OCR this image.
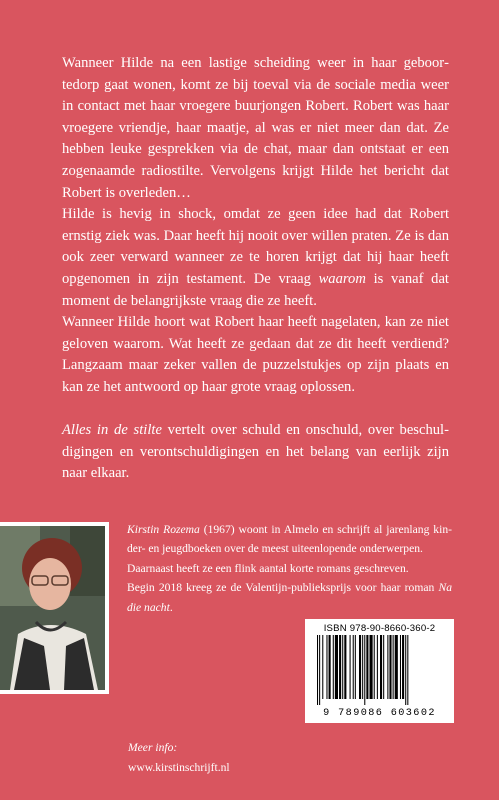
Wanneer Hilde na een lastige scheiding weer in haar geboortedorp gaat wonen, komt ze bij toeval via de sociale media weer in contact met haar vroegere buurjongen Robert. Robert was haar vroegere vriendje, haar maatje, al was er niet meer dan dat. Ze hebben leuke gesprekken via de chat, maar dan ontstaat er een zogenaamde radiostilte. Vervolgens krijgt Hilde het bericht dat Robert is overleden…

Hilde is hevig in shock, omdat ze geen idee had dat Robert ernstig ziek was. Daar heeft hij nooit over willen praten. Ze is dan ook zeer verward wanneer ze te horen krijgt dat hij haar heeft opgenomen in zijn testament. De vraag waarom is vanaf dat moment de belangrijkste vraag die ze heeft.

Wanneer Hilde hoort wat Robert haar heeft nagelaten, kan ze niet geloven waarom. Wat heeft ze gedaan dat ze dit heeft verdiend? Langzaam maar zeker vallen de puzzelstukjes op zijn plaats en kan ze het antwoord op haar grote vraag oplossen.

Alles in de stilte vertelt over schuld en onschuld, over beschuldigingen en verontschuldigingen en het belang van eerlijk zijn naar elkaar.

Kirstin Rozema (1967) woont in Almelo en schrijft al jarenlang kinder- en jeugdboeken over de meest uiteenlopende onderwerpen.

Daarnaast heeft ze een flink aantal korte romans geschreven.

Begin 2018 kreeg ze de Valentijn-publieksprijs voor haar roman Na die nacht.

ISBN 978-90-8660-360-2
9 789086 603602
Meer info:
www.kirstinschrijft.nl
